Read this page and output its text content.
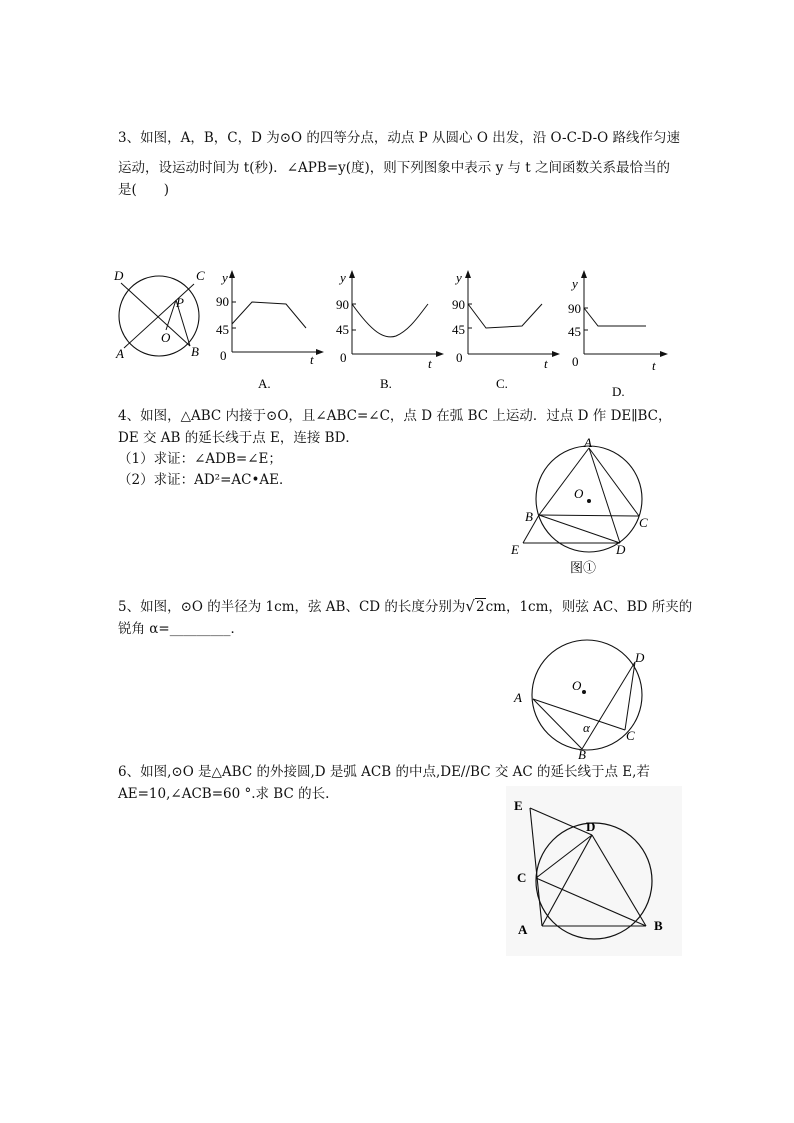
3、如图，A，B，C，D 为⊙O 的四等分点，动点 P 从圆心 O 出发，沿 O-C-D-O 路线作匀速
运动，设运动时间为 t(秒)．∠APB=y(度)，则下列图象中表示 y 与 t 之间函数关系最恰当的
是(　　)
D	C
P
O
A	B
y
90
45
0	t
A.
y
90
45
0	t
B.
y
90
45
0	t
C.
y
90
45
0	t
D.
4、如图，△ABC 内接于⊙O，且∠ABC=∠C，点 D 在弧 BC 上运动．过点 D 作 DE∥BC，
DE 交 AB 的延长线于点 E，连接 BD．
（1）求证：∠ADB=∠E；
（2）求证：AD²=AC•AE．
A
O
B	C
E	D
图①
5、如图，⊙O 的半径为 1cm，弦 AB、CD 的长度分别为√2cm，1cm，则弦 AC、BD 所夹的
锐角 α=_________．
O
D
A
α
C
B
6、如图,⊙O 是△ABC 的外接圆,D 是弧 ACB 的中点,DE//BC 交 AC 的延长线于点 E,若
AE=10,∠ACB=60 °.求 BC 的长.
E
D
C
A	B
